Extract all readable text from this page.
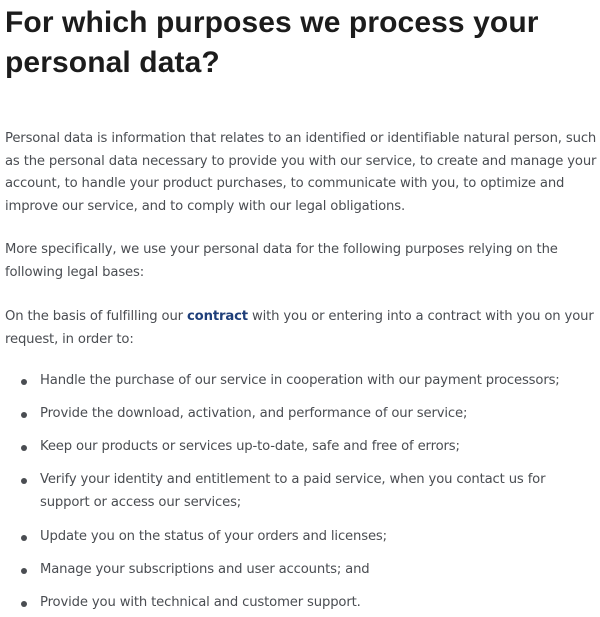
For which purposes we process your personal data?

Personal data is information that relates to an identified or identifiable natural person, such as the personal data necessary to provide you with our service, to create and manage your account, to handle your product purchases, to communicate with you, to optimize and improve our service, and to comply with our legal obligations.

More specifically, we use your personal data for the following purposes relying on the following legal bases:

On the basis of fulfilling our contract with you or entering into a contract with you on your request, in order to:

Handle the purchase of our service in cooperation with our payment processors;
Provide the download, activation, and performance of our service;
Keep our products or services up-to-date, safe and free of errors;
Verify your identity and entitlement to a paid service, when you contact us for support or access our services;
Update you on the status of your orders and licenses;
Manage your subscriptions and user accounts; and
Provide you with technical and customer support.
